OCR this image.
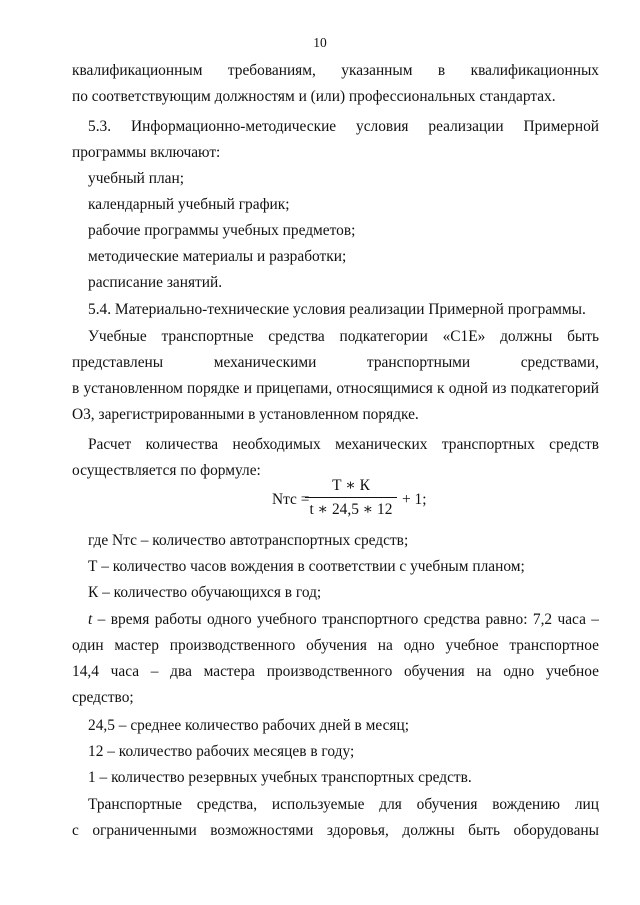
10
квалификационным требованиям, указанным в квалификационных
по соответствующим должностям и (или) профессиональных стандартах.
5.3. Информационно-методические условия реализации Примерной
программы включают:
учебный план;
календарный учебный график;
рабочие программы учебных предметов;
методические материалы и разработки;
расписание занятий.
5.4. Материально-технические условия реализации Примерной программы.
Учебные транспортные средства подкатегории «С1Е» должны быть
представлены механическими транспортными средствами,
в установленном порядке и прицепами, относящимися к одной из подкатегорий
О3, зарегистрированными в установленном порядке.
Расчет количества необходимых механических транспортных средств
осуществляется по формуле:
Nтс =
Т ∗ К
t ∗ 24,5 ∗ 12
+ 1;
где Nтс – количество автотранспортных средств;
Т – количество часов вождения в соответствии с учебным планом;
К – количество обучающихся в год;
t – время работы одного учебного транспортного средства равно: 7,2 часа –
один мастер производственного обучения на одно учебное транспортное
14,4 часа – два мастера производственного обучения на одно учебное
средство;
24,5 – среднее количество рабочих дней в месяц;
12 – количество рабочих месяцев в году;
1 – количество резервных учебных транспортных средств.
Транспортные средства, используемые для обучения вождению лиц
с ограниченными возможностями здоровья, должны быть оборудованы
